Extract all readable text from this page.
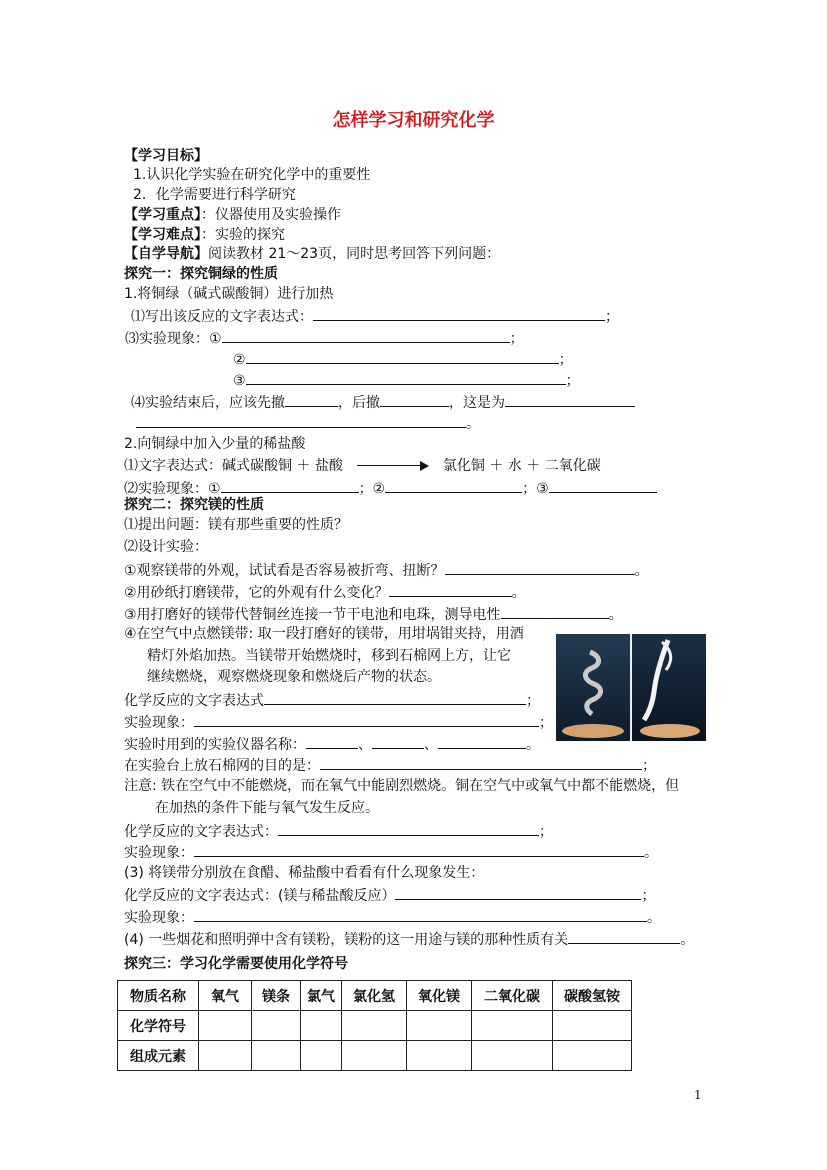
怎样学习和研究化学
【学习目标】
1.认识化学实验在研究化学中的重要性
2．化学需要进行科学研究
【学习重点】：仪器使用及实验操作
【学习难点】：实验的探究
【自学导航】阅读教材 21～23页，同时思考回答下列问题：
探究一：探究铜绿的性质
1.将铜绿（碱式碳酸铜）进行加热
⑴写出该反应的文字表达式：	；
⑶实验现象：①	；
②	；
③	；
⑷实验结束后，应该先撤	，后撤	，这是为
。
2.向铜绿中加入少量的稀盐酸
⑴文字表达式：碱式碳酸铜 ＋ 盐酸	氯化铜 ＋ 水 ＋ 二氧化碳
⑵实验现象：①	；②	；③
探究二：探究镁的性质
⑴提出问题：镁有那些重要的性质？
⑵设计实验：
①观察镁带的外观，试试看是否容易被折弯、扭断？	。
②用砂纸打磨镁带，它的外观有什么变化？	。
③用打磨好的镁带代替铜丝连接一节干电池和电珠，测导电性	。
④在空气中点燃镁带: 取一段打磨好的镁带，用坩埚钳夹持，用酒
精灯外焰加热。当镁带开始燃烧时，移到石棉网上方，让它
继续燃烧，观察燃烧现象和燃烧后产物的状态。
化学反应的文字表达式	；
实验现象：	；
实验时用到的实验仪器名称：	、	、	。
在实验台上放石棉网的目的是：	；
注意: 铁在空气中不能燃烧，而在氧气中能剧烈燃烧。铜在空气中或氧气中都不能燃烧，但
在加热的条件下能与氧气发生反应。
化学反应的文字表达式：	；
实验现象：	。
(3) 将镁带分别放在食醋、稀盐酸中看看有什么现象发生：
化学反应的文字表达式：(镁与稀盐酸反应）	；
实验现象：	。
(4) 一些烟花和照明弹中含有镁粉，镁粉的这一用途与镁的那种性质有关	。
探究三：学习化学需要使用化学符号
物质名称	氧气	镁条	氯气	氯化氢	氧化镁	二氧化碳	碳酸氢铵
化学符号							
组成元素							
1
